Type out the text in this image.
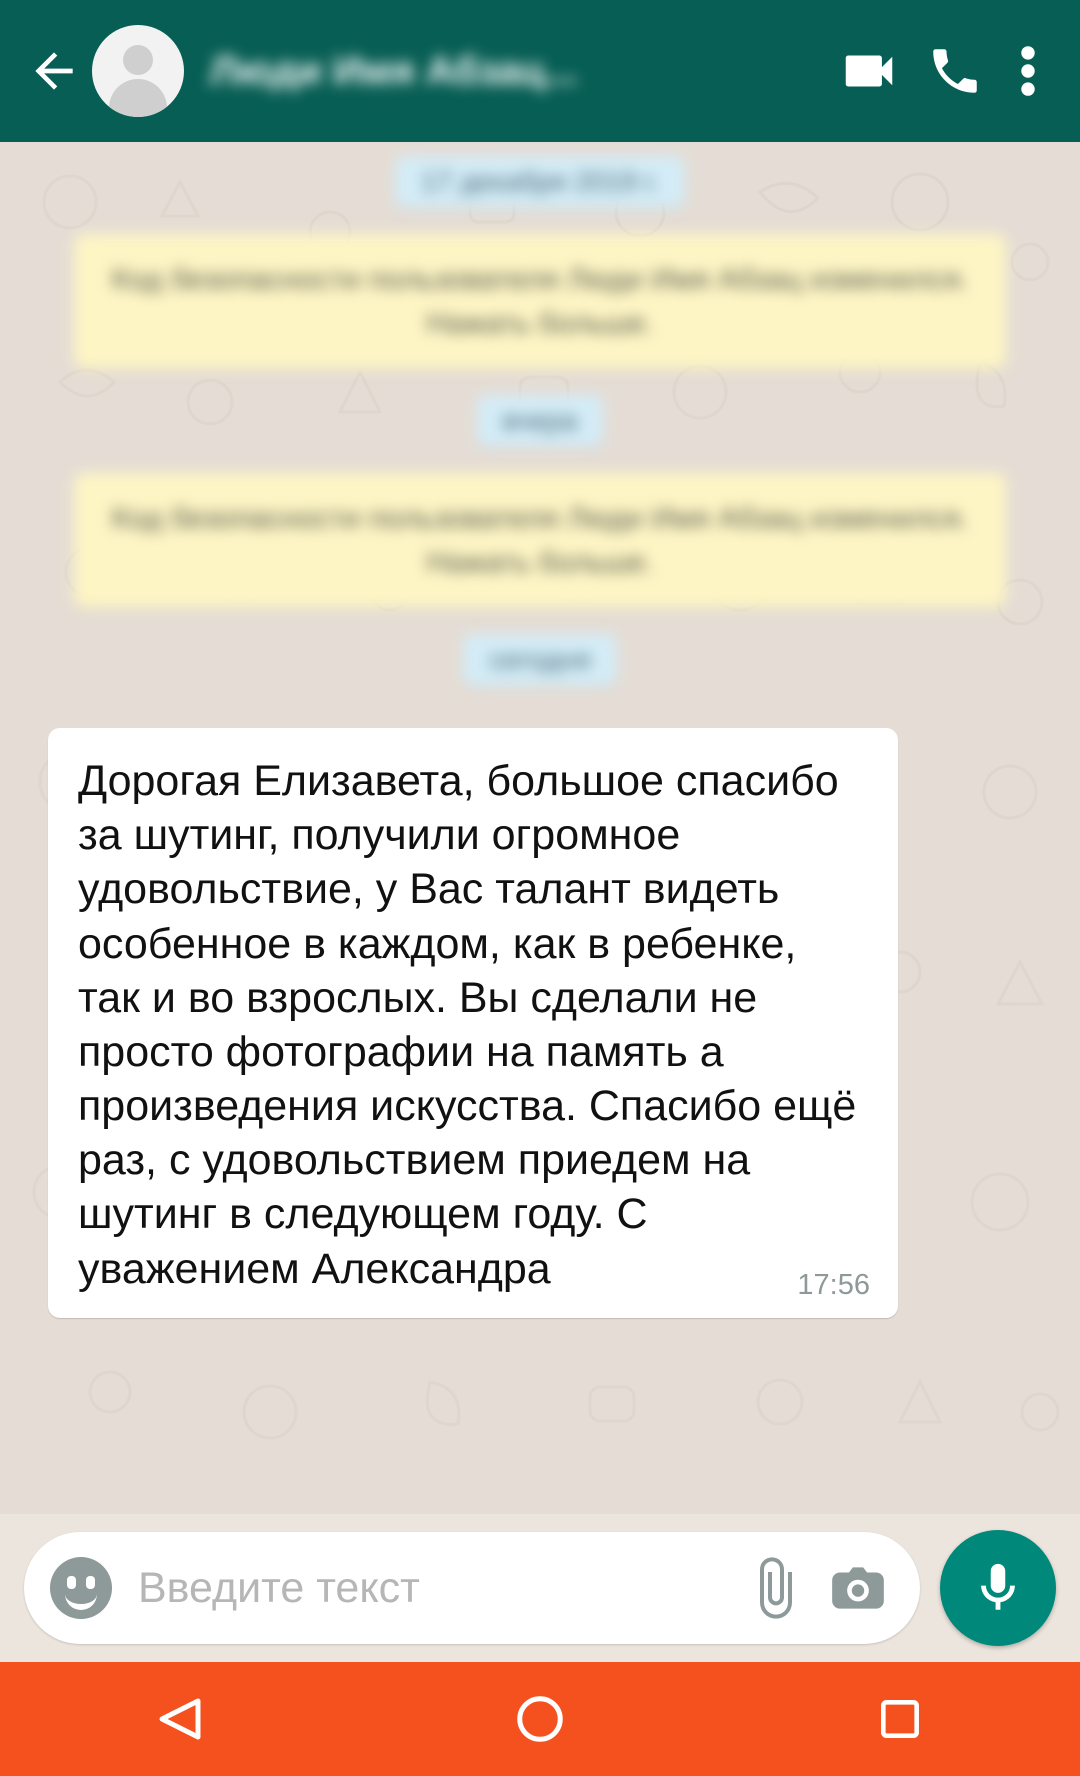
Люди Имя Абзац...
17 декабря 2019 г.
Код безопасности пользователя Люди Имя Абзац изменился. Нажать больше.
вчера
Код безопасности пользователя Люди Имя Абзац изменился. Нажать больше.
сегодня
Дорогая Елизавета, большое спасибо за шутинг, получили огромное удовольствие, у Вас талант видеть особенное в каждом, как в ребенке, так и во взрослых. Вы сделали не просто фотографии на память а произведения искусства. Спасибо ещё раз, с удовольствием приедем на шутинг в следующем году. С уважением Александра	17:56
Введите текст
